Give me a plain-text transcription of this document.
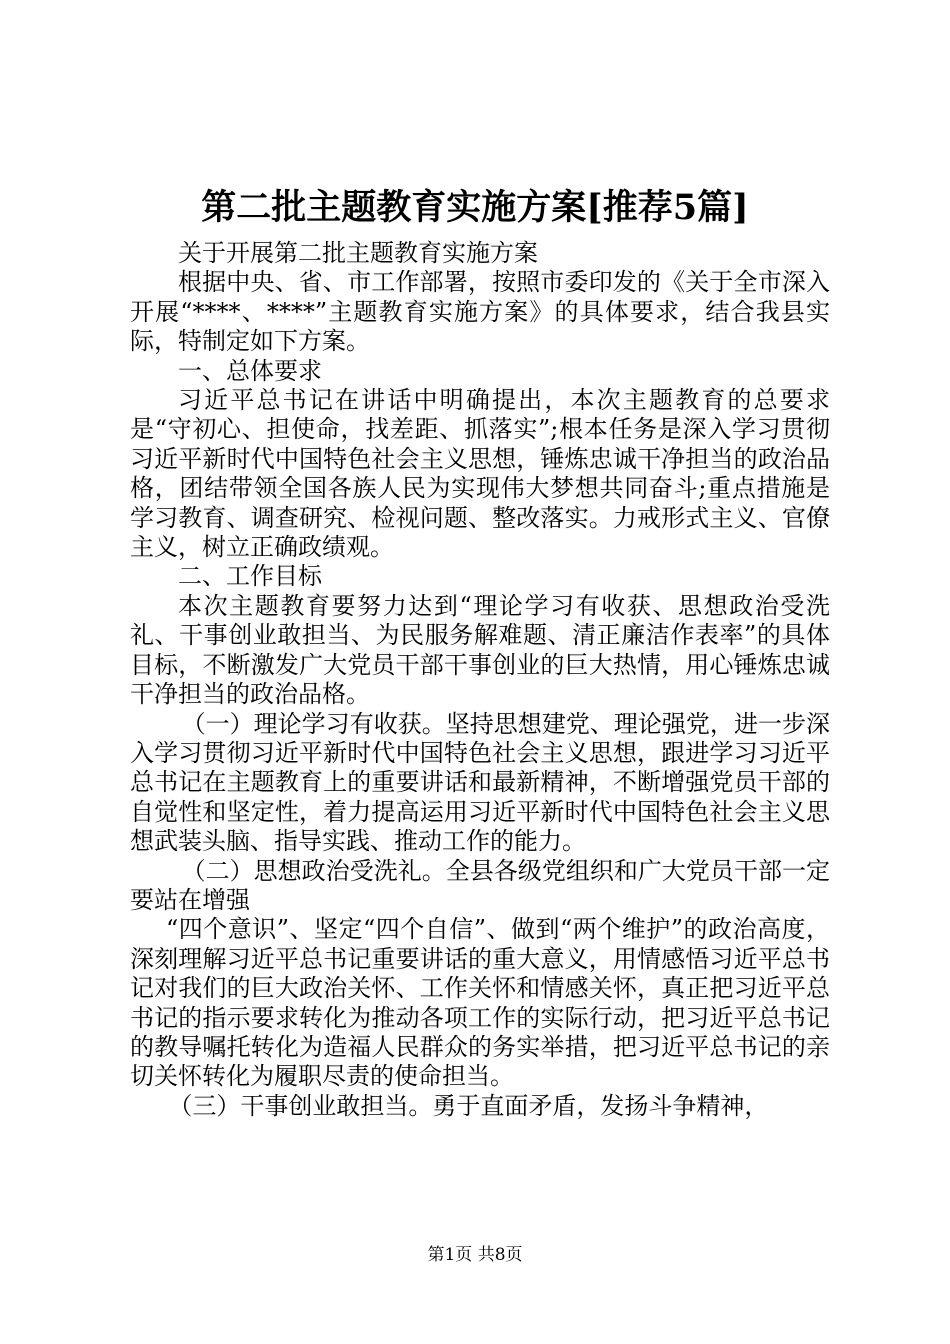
第二批主题教育实施方案[推荐5篇]

关于开展第二批主题教育实施方案

根据中央、省、市工作部署，按照市委印发的《关于全市深入开展“****、****”主题教育实施方案》的具体要求，结合我县实际，特制定如下方案。

一、总体要求

习近平总书记在讲话中明确提出，本次主题教育的总要求是“守初心、担使命，找差距、抓落实”;根本任务是深入学习贯彻习近平新时代中国特色社会主义思想，锤炼忠诚干净担当的政治品格，团结带领全国各族人民为实现伟大梦想共同奋斗;重点措施是学习教育、调查研究、检视问题、整改落实。力戒形式主义、官僚主义，树立正确政绩观。

二、工作目标

本次主题教育要努力达到“理论学习有收获、思想政治受洗礼、干事创业敢担当、为民服务解难题、清正廉洁作表率”的具体目标，不断激发广大党员干部干事创业的巨大热情，用心锤炼忠诚干净担当的政治品格。

（一）理论学习有收获。坚持思想建党、理论强党，进一步深入学习贯彻习近平新时代中国特色社会主义思想，跟进学习习近平总书记在主题教育上的重要讲话和最新精神，不断增强党员干部的自觉性和坚定性，着力提高运用习近平新时代中国特色社会主义思想武装头脑、指导实践、推动工作的能力。

（二）思想政治受洗礼。全县各级党组织和广大党员干部一定要站在增强

“四个意识”、坚定“四个自信”、做到“两个维护”的政治高度，深刻理解习近平总书记重要讲话的重大意义，用情感悟习近平总书记对我们的巨大政治关怀、工作关怀和情感关怀，真正把习近平总书记的指示要求转化为推动各项工作的实际行动，把习近平总书记的教导嘱托转化为造福人民群众的务实举措，把习近平总书记的亲切关怀转化为履职尽责的使命担当。

（三）干事创业敢担当。勇于直面矛盾，发扬斗争精神，

第1页 共8页
